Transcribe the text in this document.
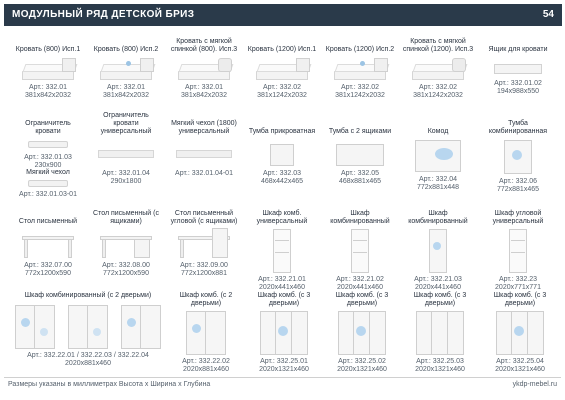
МОДУЛЬНЫЙ РЯД ДЕТСКОЙ БРИЗ	54
Кровать (800) Исп.1
Арт.: 332.01
381х842х2032
Кровать (800) Исп.2
Арт.: 332.01
381х842х2032
Кровать с мягкой спинкой (800). Исп.3
Арт.: 332.01
381х842х2032
Кровать (1200) Исп.1
Арт.: 332.02
381х1242х2032
Кровать (1200) Исп.2
Арт.: 332.02
381х1242х2032
Кровать с мягкой спинкой (1200). Исп.3
Арт.: 332.02
381х1242х2032
Ящик для кровати
Арт.: 332.01.02
194х988х550
Ограничитель кровати
Арт.: 332.01.03
230х900
Мягкий чехол
Арт.: 332.01.03-01
Ограничитель кровати универсальный
Арт.: 332.01.04
290х1800
Мягкий чехол (1800) универсальный
Арт.: 332.01.04-01
Тумба прикроватная
Арт.: 332.03
468х442х465
Тумба с 2 ящиками
Арт.: 332.05
468х881х465
Комод
Арт.: 332.04
772х881х448
Тумба комбинированная
Арт.: 332.06
772х881х465
Стол письменный
Арт.: 332.07.00
772х1200х590
Стол письменный (с ящиками)
Арт.: 332.08.00
772х1200х590
Стол письменный угловой (с ящиками)
Арт.: 332.09.00
772х1200х881
Шкаф комб. универсальный
Арт.: 332.21.01
2020х441х460
Шкаф комбинированный
Арт.: 332.21.02
2020х441х460
Шкаф комбинированный
Арт.: 332.21.03
2020х441х460
Шкаф угловой универсальный
Арт.: 332.23
2020х771х771
Шкаф комбинированный (с 2 дверьми)
Арт.: 332.22.01 / 332.22.03 / 332.22.04
2020х881х460
Шкаф комб. (с 2 дверьми)
Арт.: 332.22.02
2020х881х460
Шкаф комб. (с 3 дверьми)
Арт.: 332.25.01
2020х1321х460
Шкаф комб. (с 3 дверьми)
Арт.: 332.25.02
2020х1321х460
Шкаф комб. (с 3 дверьми)
Арт.: 332.25.03
2020х1321х460
Шкаф комб. (с 3 дверьми)
Арт.: 332.25.04
2020х1321х460
Размеры указаны в миллиметрах Высота х Ширина х Глубина	ykdp-mebel.ru
